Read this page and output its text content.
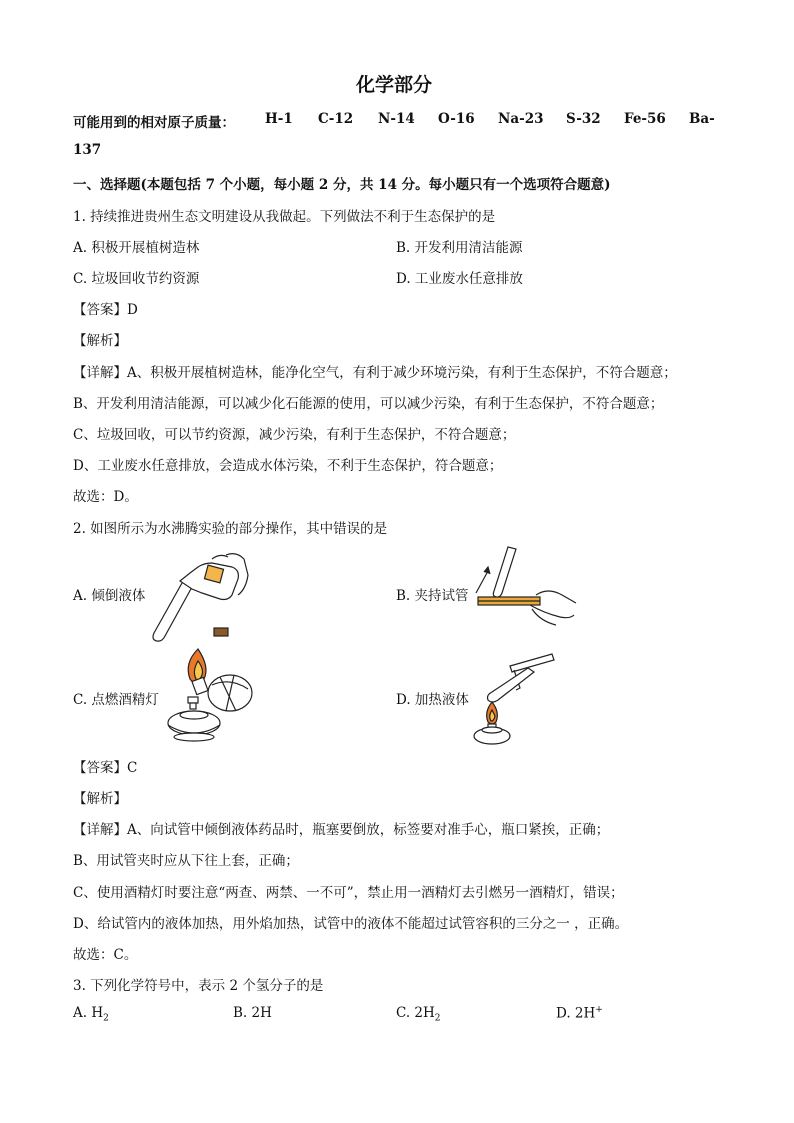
化学部分
可能用到的相对原子质量： H-1 C-12 N-14 O-16 Na-23 S-32 Fe-56 Ba-
137
一、选择题(本题包括 7 个小题，每小题 2 分，共 14 分。每小题只有一个选项符合题意)
1. 持续推进贵州生态文明建设从我做起。下列做法不利于生态保护的是
A. 积极开展植树造林	B. 开发利用清洁能源
C. 垃圾回收节约资源	D. 工业废水任意排放
【答案】D
【解析】
【详解】A、积极开展植树造林，能净化空气，有利于减少环境污染，有利于生态保护，不符合题意；
B、开发利用清洁能源，可以减少化石能源的使用，可以减少污染，有利于生态保护，不符合题意；
C、垃圾回收，可以节约资源，减少污染，有利于生态保护，不符合题意；
D、工业废水任意排放，会造成水体污染，不利于生态保护，符合题意；
故选：D。
2. 如图所示为水沸腾实验的部分操作，其中错误的是
A. 倾倒液体	B. 夹持试管
C. 点燃酒精灯	D. 加热液体
【答案】C
【解析】
【详解】A、向试管中倾倒液体药品时，瓶塞要倒放，标签要对准手心，瓶口紧挨，正确；
B、用试管夹时应从下往上套，正确；
C、使用酒精灯时要注意“两查、两禁、一不可”，禁止用一酒精灯去引燃另一酒精灯，错误；
D、给试管内的液体加热，用外焰加热，试管中的液体不能超过试管容积的三分之一 ，正确。
故选：C。
3. 下列化学符号中，表示 2 个氢分子的是
A. $H_2$	B. 2H	C. $2H_2$	D. 2H+
